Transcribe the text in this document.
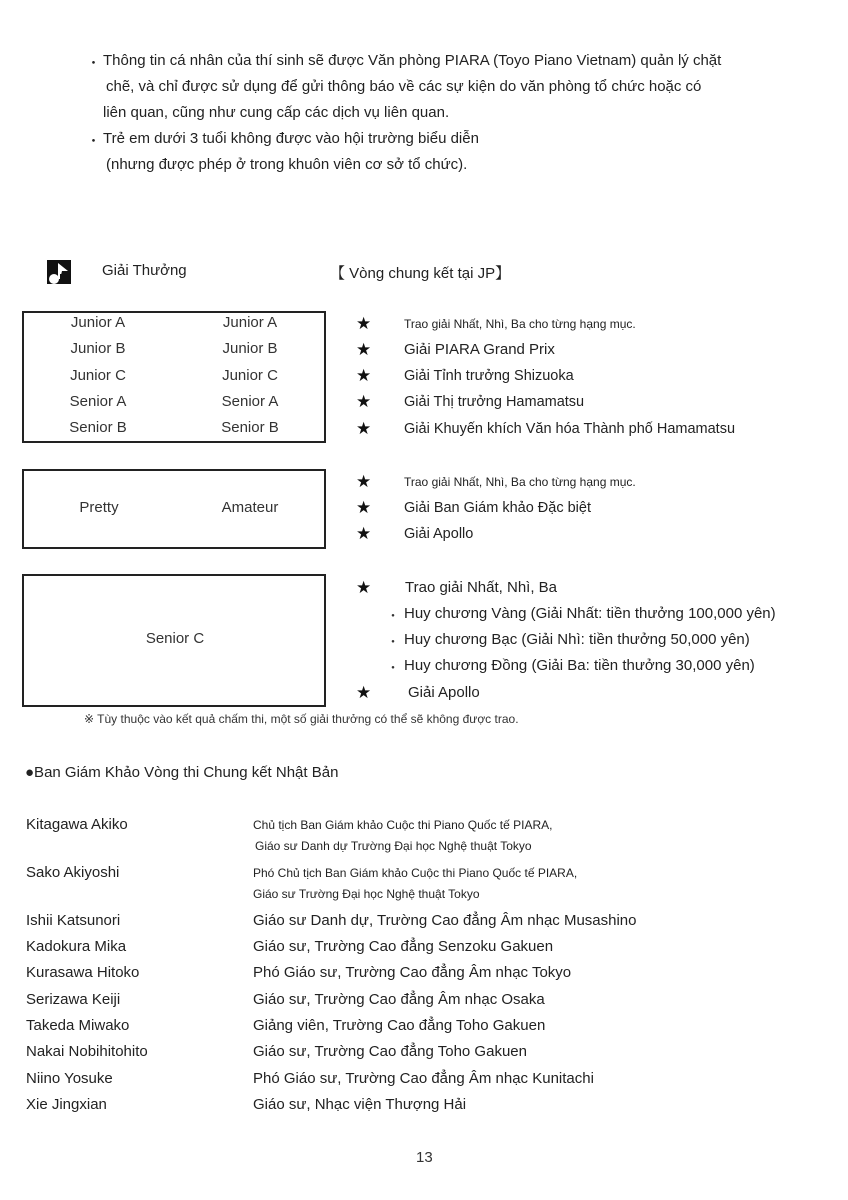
・ Thông tin cá nhân của thí sinh sẽ được Văn phòng PIARA (Toyo Piano Vietnam) quản lý chặt
chẽ, và chỉ được sử dụng để gửi thông báo về các sự kiện do văn phòng tổ chức hoặc có
liên quan, cũng như cung cấp các dịch vụ liên quan.
・ Trẻ em dưới 3 tuổi không được vào hội trường biểu diễn
(nhưng được phép ở trong khuôn viên cơ sở tổ chức).
Giải Thưởng	【 Vòng chung kết tại JP】
Junior A	Junior A
Junior B	Junior B
Junior C	Junior C
Senior A	Senior A
Senior B	Senior B
★	Trao giải Nhất, Nhì, Ba cho từng hạng mục.
★ Giải PIARA Grand Prix
★ Giải Tỉnh trưởng Shizuoka
★ Giải Thị trưởng Hamamatsu
★ Giải Khuyến khích Văn hóa Thành phố Hamamatsu
Pretty	Amateur
★	Trao giải Nhất, Nhì, Ba cho từng hạng mục.
★ Giải Ban Giám khảo Đặc biệt
★ Giải Apollo
Senior C
★ Trao giải Nhất, Nhì, Ba
・ Huy chương Vàng (Giải Nhất: tiền thưởng 100,000 yên)
・ Huy chương Bạc (Giải Nhì: tiền thưởng 50,000 yên)
・ Huy chương Đồng (Giải Ba: tiền thưởng 30,000 yên)
★ Giải Apollo
※ Tùy thuộc vào kết quả chấm thi, một số giải thưởng có thể sẽ không được trao.
●Ban Giám Khảo Vòng thi Chung kết Nhật Bản
Kitagawa Akiko	Chủ tịch Ban Giám khảo Cuộc thi Piano Quốc tế PIARA,
Giáo sư Danh dự Trường Đại học Nghệ thuật Tokyo
Sako Akiyoshi	Phó Chủ tịch Ban Giám khảo Cuộc thi Piano Quốc tế PIARA,
Giáo sư Trường Đại học Nghệ thuật Tokyo
Ishii Katsunori	Giáo sư Danh dự, Trường Cao đẳng Âm nhạc Musashino
Kadokura Mika	Giáo sư, Trường Cao đẳng Senzoku Gakuen
Kurasawa Hitoko	Phó Giáo sư, Trường Cao đẳng Âm nhạc Tokyo
Serizawa Keiji	Giáo sư, Trường Cao đẳng Âm nhạc Osaka
Takeda Miwako	Giảng viên, Trường Cao đẳng Toho Gakuen
Nakai Nobihitohito	Giáo sư, Trường Cao đẳng Toho Gakuen
Niino Yosuke	Phó Giáo sư, Trường Cao đẳng Âm nhạc Kunitachi
Xie Jingxian	Giáo sư, Nhạc viện Thượng Hải
13
